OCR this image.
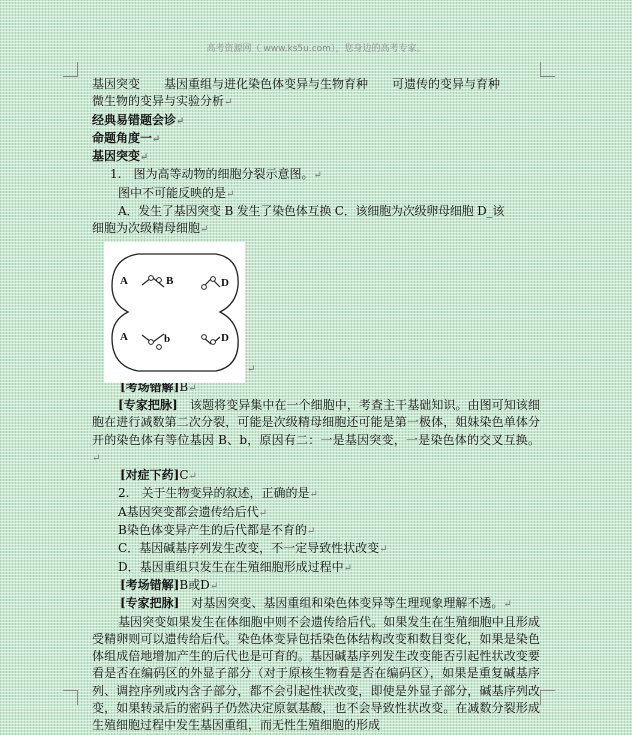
高考资源网（ www.ks5u.com），您身边的高考专家。

基因突变　　基因重组与进化染色体变异与生物育种　　可遗传的变异与育种

微生物的变异与实验分析↵

经典易错题会诊↵

命题角度一↵

基因突变↵

1.　图为高等动物的细胞分裂示意图。↵

图中不可能反映的是↵

A．发生了基因突变 B 发生了染色体互换 C．该细胞为次级卵母细胞 D_该

细胞为次级精母细胞↵

A	B	D
A	b	D
↵

[考场错解]B↵

[专家把脉]　 该题将变异集中在一个细胞中，考查主干基础知识。由图可知该细胞在进行减数第二次分裂，可能是次级精母细胞还可能是第一极体，姐妹染色单体分开的染色体有等位基因 B、b，原因有二：一是基因突变，一是染色体的交叉互换。↵

[对症下药]C↵

2.　关于生物变异的叙述，正确的是↵

A基因突变都会遗传给后代↵

B染色体变异产生的后代都是不育的↵

C．基因碱基序列发生改变，不一定导致性状改变↵

D．基因重组只发生在生殖细胞形成过程中↵

[考场错解]B或D↵

[专家把脉]　 对基因突变、基因重组和染色体变异等生理现象理解不透。↵

基因突变如果发生在体细胞中则不会遗传给后代。如果发生在生殖细胞中且形成受精卵则可以遗传给后代。染色体变异包括染色体结构改变和数目变化，如果是染色体组成倍地增加产生的后代也是可育的。基因碱基序列发生改变能否引起性状改变要看是否在编码区的外显子部分（对于原核生物看是否在编码区），如果是重复碱基序列、调控序列或内含子部分，都不会引起性状改变，即使是外显子部分，碱基序列改变，如果转录后的密码子仍然决定原氨基酸，也不会导致性状改变。在减数分裂形成生殖细胞过程中发生基因重组，而无性生殖细胞的形成
